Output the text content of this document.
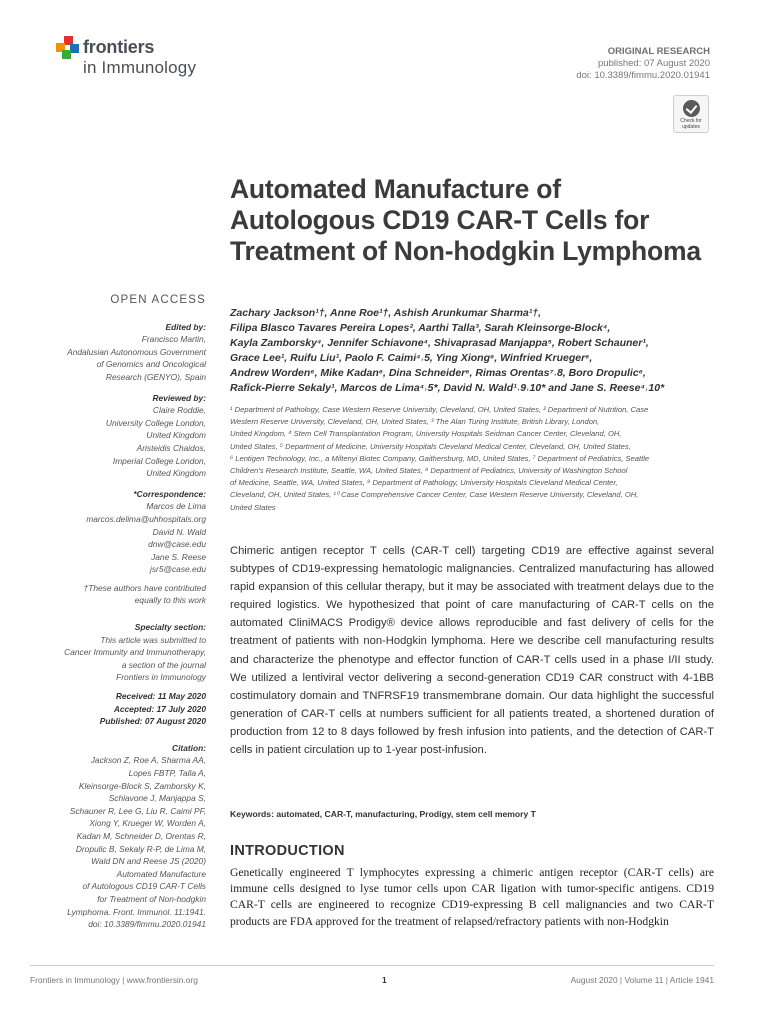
frontiers
in Immunology
ORIGINAL RESEARCH
published: 07 August 2020
doi: 10.3389/fimmu.2020.01941
Check for
updates
Automated Manufacture of Autologous CD19 CAR-T Cells for Treatment of Non-hodgkin Lymphoma
OPEN ACCESS
Edited by:
Francisco Martin,
Andalusian Autonomous Government
of Genomics and Oncological
Research (GENYO), Spain
Reviewed by:
Claire Roddie,
University College London,
United Kingdom
Aristeidis Chaidos,
Imperial College London,
United Kingdom
*Correspondence:
Marcos de Lima
marcos.delima@uhhospitals.org
David N. Wald
dnw@case.edu
Jane S. Reese
jsr5@case.edu
†These authors have contributed
equally to this work
Specialty section:
This article was submitted to
Cancer Immunity and Immunotherapy,
a section of the journal
Frontiers in Immunology
Received: 11 May 2020
Accepted: 17 July 2020
Published: 07 August 2020
Citation:
Jackson Z, Roe A, Sharma AA,
Lopes FBTP, Talla A,
Kleinsorge-Block S, Zamborsky K,
Schiavone J, Manjappa S,
Schauner R, Lee G, Liu R, Caimi PF,
Xiong Y, Krueger W, Worden A,
Kadan M, Schneider D, Orentas R,
Dropulic B, Sekaly R-P, de Lima M,
Wald DN and Reese JS (2020)
Automated Manufacture
of Autologous CD19 CAR-T Cells
for Treatment of Non-hodgkin
Lymphoma. Front. Immunol. 11:1941.
doi: 10.3389/fimmu.2020.01941
Zachary Jackson¹†, Anne Roe¹†, Ashish Arunkumar Sharma¹†,
Filipa Blasco Tavares Pereira Lopes², Aarthi Talla³, Sarah Kleinsorge-Block⁴,
Kayla Zamborsky⁴, Jennifer Schiavone⁴, Shivaprasad Manjappa⁵, Robert Schauner¹,
Grace Lee¹, Ruifu Liu¹, Paolo F. Caimi⁴˒5, Ying Xiong⁶, Winfried Krueger⁶,
Andrew Worden⁶, Mike Kadan⁶, Dina Schneider⁶, Rimas Orentas⁷˒8, Boro Dropulic⁶,
Rafick-Pierre Sekaly¹, Marcos de Lima⁴˒5*, David N. Wald¹˒9˒10* and Jane S. Reese⁴˒10*
¹ Department of Pathology, Case Western Reserve University, Cleveland, OH, United States, ² Department of Nutrition, Case
Western Reserve University, Cleveland, OH, United States, ³ The Alan Turing Institute, British Library, London,
United Kingdom, ⁴ Stem Cell Transplantation Program, University Hospitals Seidman Cancer Center, Cleveland, OH,
United States, ⁵ Department of Medicine, University Hospitals Cleveland Medical Center, Cleveland, OH, United States,
⁶ Lentigen Technology, Inc., a Miltenyi Biotec Company, Gaithersburg, MD, United States, ⁷ Department of Pediatrics, Seattle
Children's Research Institute, Seattle, WA, United States, ⁸ Department of Pediatrics, University of Washington School
of Medicine, Seattle, WA, United States, ⁹ Department of Pathology, University Hospitals Cleveland Medical Center,
Cleveland, OH, United States, ¹⁰ Case Comprehensive Cancer Center, Case Western Reserve University, Cleveland, OH,
United States
Chimeric antigen receptor T cells (CAR-T cell) targeting CD19 are effective against several subtypes of CD19-expressing hematologic malignancies. Centralized manufacturing has allowed rapid expansion of this cellular therapy, but it may be associated with treatment delays due to the required logistics. We hypothesized that point of care manufacturing of CAR-T cells on the automated CliniMACS Prodigy® device allows reproducible and fast delivery of cells for the treatment of patients with non-Hodgkin lymphoma. Here we describe cell manufacturing results and characterize the phenotype and effector function of CAR-T cells used in a phase I/II study. We utilized a lentiviral vector delivering a second-generation CD19 CAR construct with 4-1BB costimulatory domain and TNFRSF19 transmembrane domain. Our data highlight the successful generation of CAR-T cells at numbers sufficient for all patients treated, a shortened duration of production from 12 to 8 days followed by fresh infusion into patients, and the detection of CAR-T cells in patient circulation up to 1-year post-infusion.
Keywords: automated, CAR-T, manufacturing, Prodigy, stem cell memory T
INTRODUCTION
Genetically engineered T lymphocytes expressing a chimeric antigen receptor (CAR-T cells) are immune cells designed to lyse tumor cells upon CAR ligation with tumor-specific antigens. CD19 CAR-T cells are engineered to recognize CD19-expressing B cell malignancies and two CAR-T products are FDA approved for the treatment of relapsed/refractory patients with non-Hodgkin
Frontiers in Immunology | www.frontiersin.org	1	August 2020 | Volume 11 | Article 1941
